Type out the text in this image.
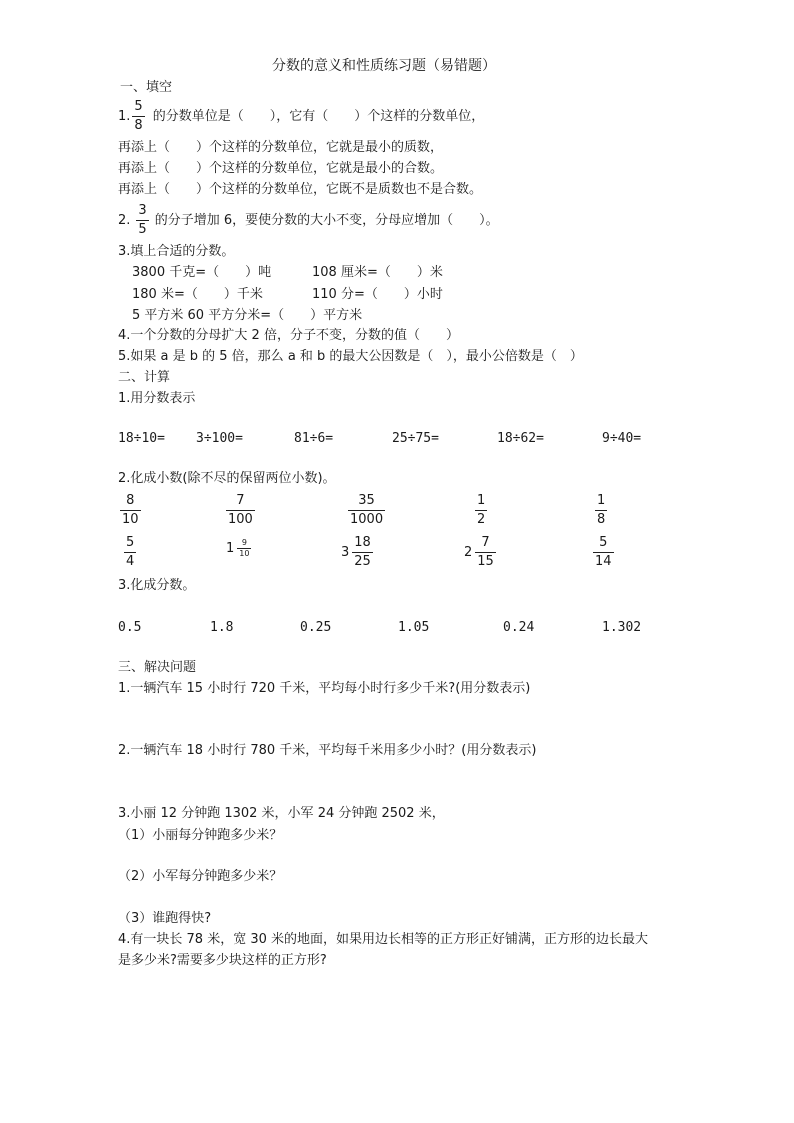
分数的意义和性质练习题（易错题）
一、填空
1. $\frac{5}{8}$ 的分数单位是（　　），它有（　　）个这样的分数单位，
再添上（　　）个这样的分数单位，它就是最小的质数，
再添上（　　）个这样的分数单位，它就是最小的合数。
再添上（　　）个这样的分数单位，它既不是质数也不是合数。
2. $\frac{3}{5}$ 的分子增加 6，要使分数的大小不变，分母应增加（　　）。
3.填上合适的分数。
3800 千克=（　　）吨	108 厘米=（　　）米
180 米=（　　）千米	110 分=（　　）小时
5 平方米 60 平方分米=（　　）平方米
4.一个分数的分母扩大 2 倍，分子不变，分数的值（　　）
5.如果 a 是 b 的 5 倍，那么 a 和 b 的最大公因数是（　），最小公倍数是（　）
二、计算
1.用分数表示
18÷10= 3÷100=	81÷6=	25÷75=	18÷62=	9÷40=
2.化成小数(除不尽的保留两位小数)。
$\frac{8}{10}$	$\frac{7}{100}$	$\frac{35}{1000}$	$\frac{1}{2}$	$\frac{1}{8}$
$\frac{5}{4}$	$1 \frac{9}{10}$	$3 \frac{18}{25}$	$2 \frac{7}{15}$	$\frac{5}{14}$
3.化成分数。
0.5	1.8	0.25	1.05	0.24	1.302
三、解决问题
1.一辆汽车 15 小时行 720 千米，平均每小时行多少千米?(用分数表示)
2.一辆汽车 18 小时行 780 千米，平均每千米用多少小时？(用分数表示)
3.小丽 12 分钟跑 1302 米，小军 24 分钟跑 2502 米，
（1）小丽每分钟跑多少米？
（2）小军每分钟跑多少米？
（3）谁跑得快?
4.有一块长 78 米，宽 30 米的地面，如果用边长相等的正方形正好铺满，正方形的边长最大
是多少米?需要多少块这样的正方形?
